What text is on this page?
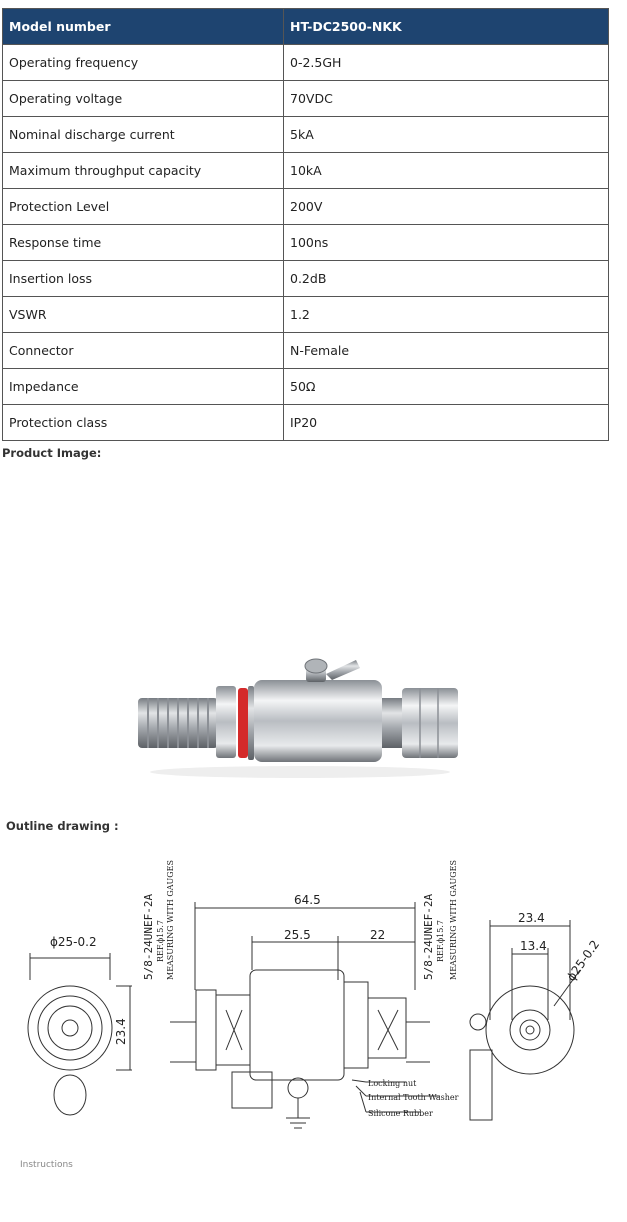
Model number	HT-DC2500-NKK
Operating frequency	0-2.5GH
Operating voltage	70VDC
Nominal discharge current	5kA
Maximum throughput capacity	10kA
Protection Level	200V
Response time	100ns
Insertion loss	0.2dB
VSWR	1.2
Connector	N-Female
Impedance	50Ω
Protection class	IP20
Product Image:
Outline drawing :
ϕ25-0.2
23.4
64.5
25.5	22
5/8-24UNEF-2A REF.ϕ15.7 MEASURING WITH GAUGES	5/8-24UNEF-2A REF.ϕ15.7 MEASURING WITH GAUGES	23.4
13.4 ϕ25-0.2
Locking nut
Internal Tooth Washer
Silicone Rubber
Instructions
